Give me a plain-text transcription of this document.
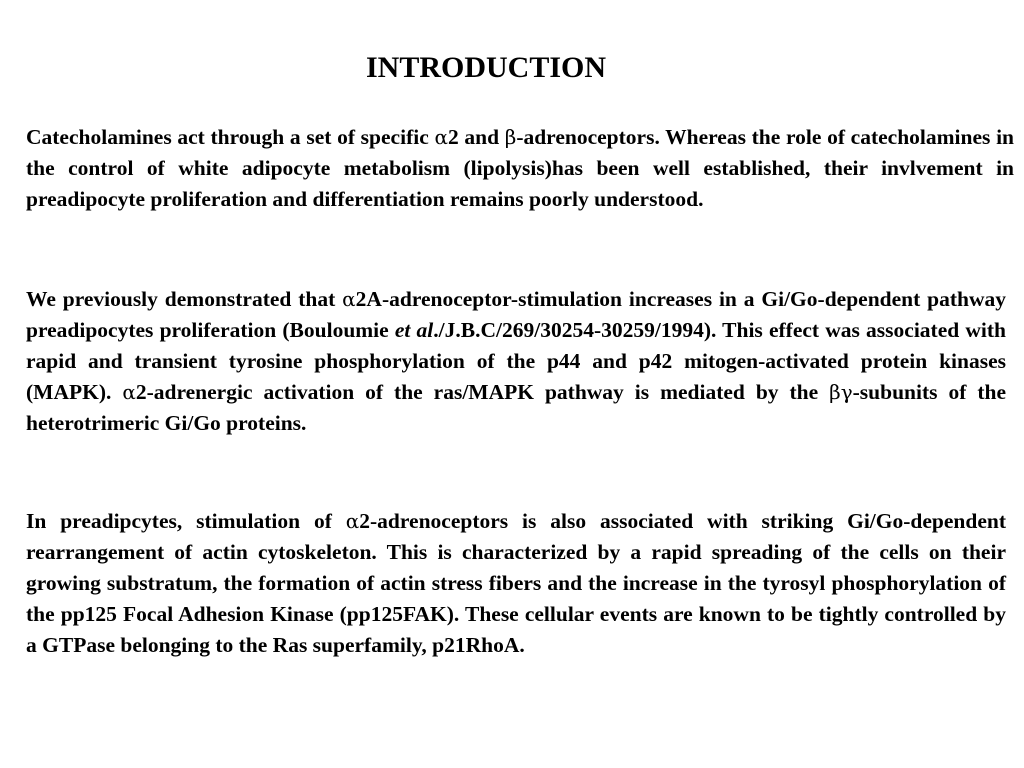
INTRODUCTION

Catecholamines act through a set of specific α2 and β-adrenoceptors. Whereas the role of catecholamines in the control of white adipocyte metabolism (lipolysis)has been well established, their invlvement in preadipocyte proliferation and differentiation remains poorly understood.

We previously demonstrated that α2A-adrenoceptor-stimulation increases in a Gi/Go-dependent pathway preadipocytes proliferation (Bouloumie et al./J.B.C/269/30254-30259/1994). This effect was associated with rapid and transient tyrosine phosphorylation of the p44 and p42 mitogen-activated protein kinases (MAPK). α2-adrenergic activation of the ras/MAPK pathway is mediated by the βγ-subunits of the heterotrimeric Gi/Go proteins.

In preadipcytes, stimulation of α2-adrenoceptors is also associated with striking Gi/Go-dependent rearrangement of actin cytoskeleton. This is characterized by a rapid spreading of the cells on their growing substratum, the formation of actin stress fibers and the increase in the tyrosyl phosphorylation of the pp125 Focal Adhesion Kinase (pp125FAK). These cellular events are known to be tightly controlled by a GTPase belonging to the Ras superfamily, p21RhoA.
